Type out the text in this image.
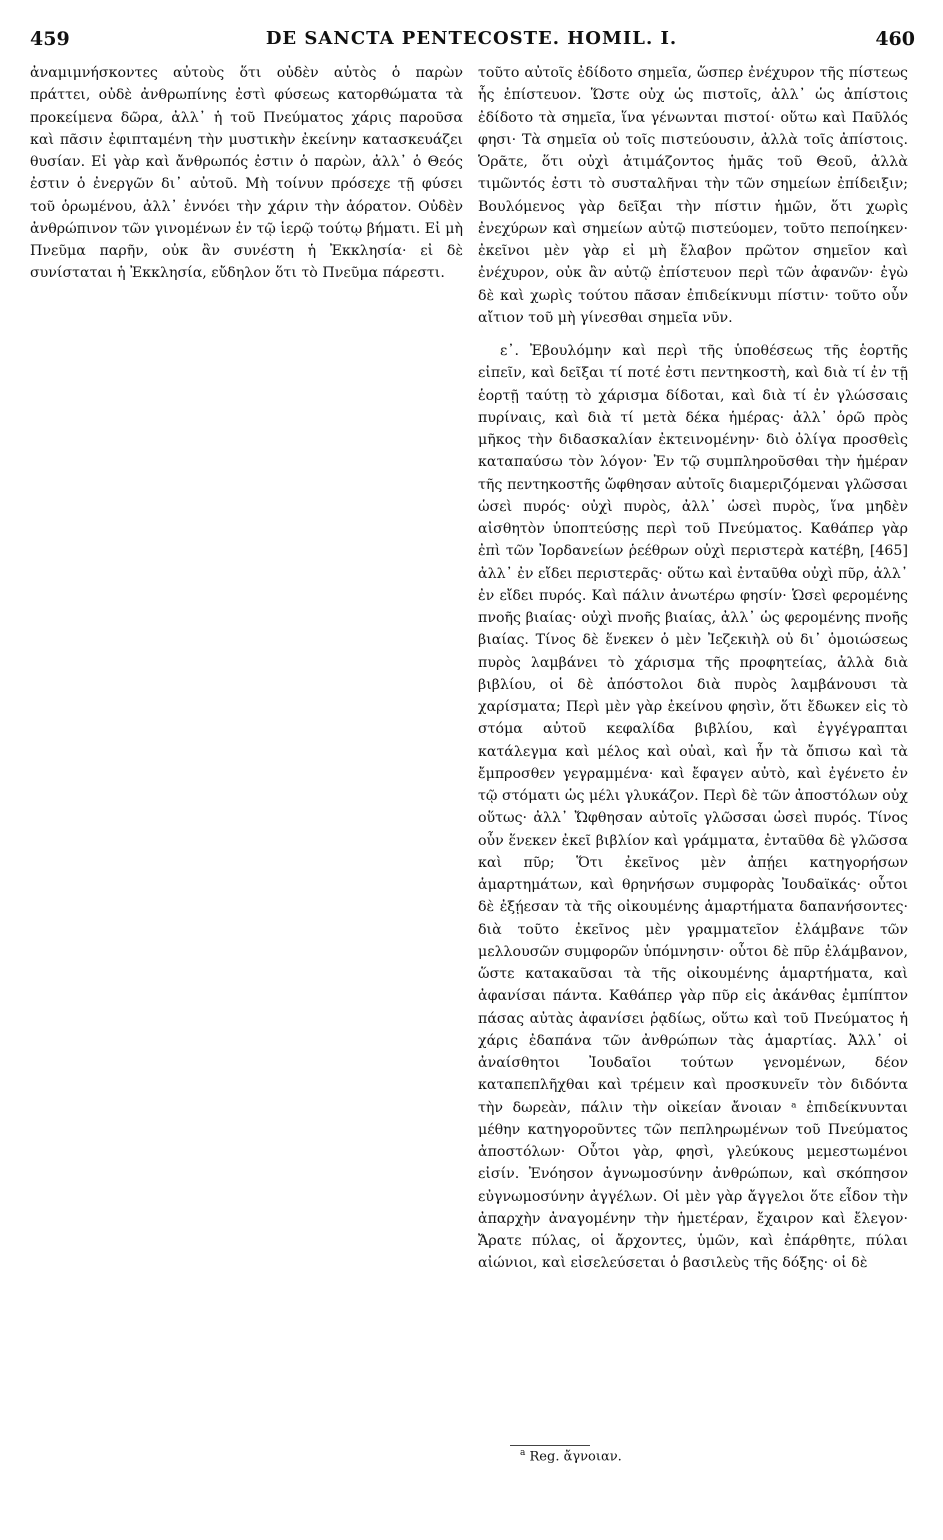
459	DE SANCTA PENTECOSTE. HOMIL. I.	460

ἀναμιμνήσκοντες αὐτοὺς ὅτι οὐδὲν αὐτὸς ὁ παρὼν πράττει, οὐδὲ ἀνθρωπίνης ἐστὶ φύσεως κατορθώματα τὰ προκείμενα δῶρα, ἀλλ᾽ ἡ τοῦ Πνεύματος χάρις παροῦσα καὶ πᾶσιν ἐφιπταμένη τὴν μυστικὴν ἐκείνην κατασκευάζει θυσίαν. Εἰ γὰρ καὶ ἄνθρωπός ἐστιν ὁ παρὼν, ἀλλ᾽ ὁ Θεός ἐστιν ὁ ἐνεργῶν δι᾽ αὐτοῦ. Μὴ τοίνυν πρόσεχε τῇ φύσει τοῦ ὁρωμένου, ἀλλ᾽ ἐννόει τὴν χάριν τὴν ἀόρατον. Οὐδὲν ἀνθρώπινον τῶν γινομένων ἐν τῷ ἱερῷ τούτῳ βήματι. Εἰ μὴ Πνεῦμα παρῆν, οὐκ ἂν συνέστη ἡ Ἐκκλησία· εἰ δὲ συνίσταται ἡ Ἐκκλησία, εὔδηλον ὅτι τὸ Πνεῦμα πάρεστι.

τοῦτο αὐτοῖς ἐδίδοτο σημεῖα, ὥσπερ ἐνέχυρον τῆς πίστεως ἧς ἐπίστευον. Ὥστε οὐχ ὡς πιστοῖς, ἀλλ᾽ ὡς ἀπίστοις ἐδίδοτο τὰ σημεῖα, ἵνα γένωνται πιστοί· οὕτω καὶ Παῦλός φησι· Τὰ σημεῖα οὐ τοῖς πιστεύουσιν, ἀλλὰ τοῖς ἀπίστοις. Ὁρᾶτε, ὅτι οὐχὶ ἀτιμάζοντος ἡμᾶς τοῦ Θεοῦ, ἀλλὰ τιμῶντός ἐστι τὸ συσταλῆναι τὴν τῶν σημείων ἐπίδειξιν; Βουλόμενος γὰρ δεῖξαι τὴν πίστιν ἡμῶν, ὅτι χωρὶς ἐνεχύρων καὶ σημείων αὐτῷ πιστεύομεν, τοῦτο πεποίηκεν· ἐκεῖνοι μὲν γὰρ εἰ μὴ ἔλαβον πρῶτον σημεῖον καὶ ἐνέχυρον, οὐκ ἂν αὐτῷ ἐπίστευον περὶ τῶν ἀφανῶν· ἐγὼ δὲ καὶ χωρὶς τούτου πᾶσαν ἐπιδείκνυμι πίστιν· τοῦτο οὖν αἴτιον τοῦ μὴ γίνεσθαι σημεῖα νῦν.

ε᾽. Ἐβουλόμην καὶ περὶ τῆς ὑποθέσεως τῆς ἑορτῆς εἰπεῖν, καὶ δεῖξαι τί ποτέ ἐστι πεντηκοστὴ, καὶ διὰ τί ἐν τῇ ἑορτῇ ταύτῃ τὸ χάρισμα δίδοται, καὶ διὰ τί ἐν γλώσσαις πυρίναις, καὶ διὰ τί μετὰ δέκα ἡμέρας· ἀλλ᾽ ὁρῶ πρὸς μῆκος τὴν διδασκαλίαν ἐκτεινομένην· διὸ ὀλίγα προσθεὶς καταπαύσω τὸν λόγον· Ἐν τῷ συμπληροῦσθαι τὴν ἡμέραν τῆς πεντηκοστῆς ὤφθησαν αὐτοῖς διαμεριζόμεναι γλῶσσαι ὡσεὶ πυρός· οὐχὶ πυρὸς, ἀλλ᾽ ὡσεὶ πυρὸς, ἵνα μηδὲν αἰσθητὸν ὑποπτεύσῃς περὶ τοῦ Πνεύματος. Καθάπερ γὰρ ἐπὶ τῶν Ἰορδανείων ῥεέθρων οὐχὶ περιστερὰ κατέβη, [465] ἀλλ᾽ ἐν εἴδει περιστερᾶς· οὕτω καὶ ἐνταῦθα οὐχὶ πῦρ, ἀλλ᾽ ἐν εἴδει πυρός. Καὶ πάλιν ἀνωτέρω φησίν· Ὡσεὶ φερομένης πνοῆς βιαίας· οὐχὶ πνοῆς βιαίας, ἀλλ᾽ ὡς φερομένης πνοῆς βιαίας. Τίνος δὲ ἕνεκεν ὁ μὲν Ἰεζεκιὴλ οὐ δι᾽ ὁμοιώσεως πυρὸς λαμβάνει τὸ χάρισμα τῆς προφητείας, ἀλλὰ διὰ βιβλίου, οἱ δὲ ἀπόστολοι διὰ πυρὸς λαμβάνουσι τὰ χαρίσματα; Περὶ μὲν γὰρ ἐκείνου φησὶν, ὅτι ἔδωκεν εἰς τὸ στόμα αὐτοῦ κεφαλίδα βιβλίου, καὶ ἐγγέγραπται κατάλεγμα καὶ μέλος καὶ οὐαὶ, καὶ ἦν τὰ ὄπισω καὶ τὰ ἔμπροσθεν γεγραμμένα· καὶ ἔφαγεν αὐτὸ, καὶ ἐγένετο ἐν τῷ στόματι ὡς μέλι γλυκάζον. Περὶ δὲ τῶν ἀποστόλων οὐχ οὕτως· ἀλλ᾽ Ὤφθησαν αὐτοῖς γλῶσσαι ὡσεὶ πυρός. Τίνος οὖν ἕνεκεν ἐκεῖ βιβλίον καὶ γράμματα, ἐνταῦθα δὲ γλῶσσα καὶ πῦρ; Ὅτι ἐκεῖνος μὲν ἀπῄει κατηγορήσων ἁμαρτημάτων, καὶ θρηνήσων συμφορὰς Ἰουδαϊκάς· οὗτοι δὲ ἐξῄεσαν τὰ τῆς οἰκουμένης ἁμαρτήματα δαπανήσοντες· διὰ τοῦτο ἐκεῖνος μὲν γραμματεῖον ἐλάμβανε τῶν μελλουσῶν συμφορῶν ὑπόμνησιν· οὗτοι δὲ πῦρ ἐλάμβανον, ὥστε κατακαῦσαι τὰ τῆς οἰκουμένης ἁμαρτήματα, καὶ ἀφανίσαι πάντα. Καθάπερ γὰρ πῦρ εἰς ἀκάνθας ἐμπίπτον πάσας αὐτὰς ἀφανίσει ῥᾳδίως, οὕτω καὶ τοῦ Πνεύματος ἡ χάρις ἐδαπάνα τῶν ἀνθρώπων τὰς ἁμαρτίας. Ἀλλ᾽ οἱ ἀναίσθητοι Ἰουδαῖοι τούτων γενομένων, δέον καταπεπλῆχθαι καὶ τρέμειν καὶ προσκυνεῖν τὸν διδόντα τὴν δωρεὰν, πάλιν τὴν οἰκείαν ἄνοιαν ᵃ ἐπιδείκνυνται μέθην κατηγοροῦντες τῶν πεπληρωμένων τοῦ Πνεύματος ἀποστόλων· Οὗτοι γὰρ, φησὶ, γλεύκους μεμεστωμένοι εἰσίν. Ἐνόησον ἀγνωμοσύνην ἀνθρώπων, καὶ σκόπησον εὐγνωμοσύνην ἀγγέλων. Οἱ μὲν γὰρ ἄγγελοι ὅτε εἶδον τὴν ἀπαρχὴν ἀναγομένην τὴν ἡμετέραν, ἔχαιρον καὶ ἔλεγον· Ἄρατε πύλας, οἱ ἄρχοντες, ὑμῶν, καὶ ἐπάρθητε, πύλαι αἰώνιοι, καὶ εἰσελεύσεται ὁ βασιλεὺς τῆς δόξης· οἱ δὲ

$^a$ Reg. ἄγνοιαν.
